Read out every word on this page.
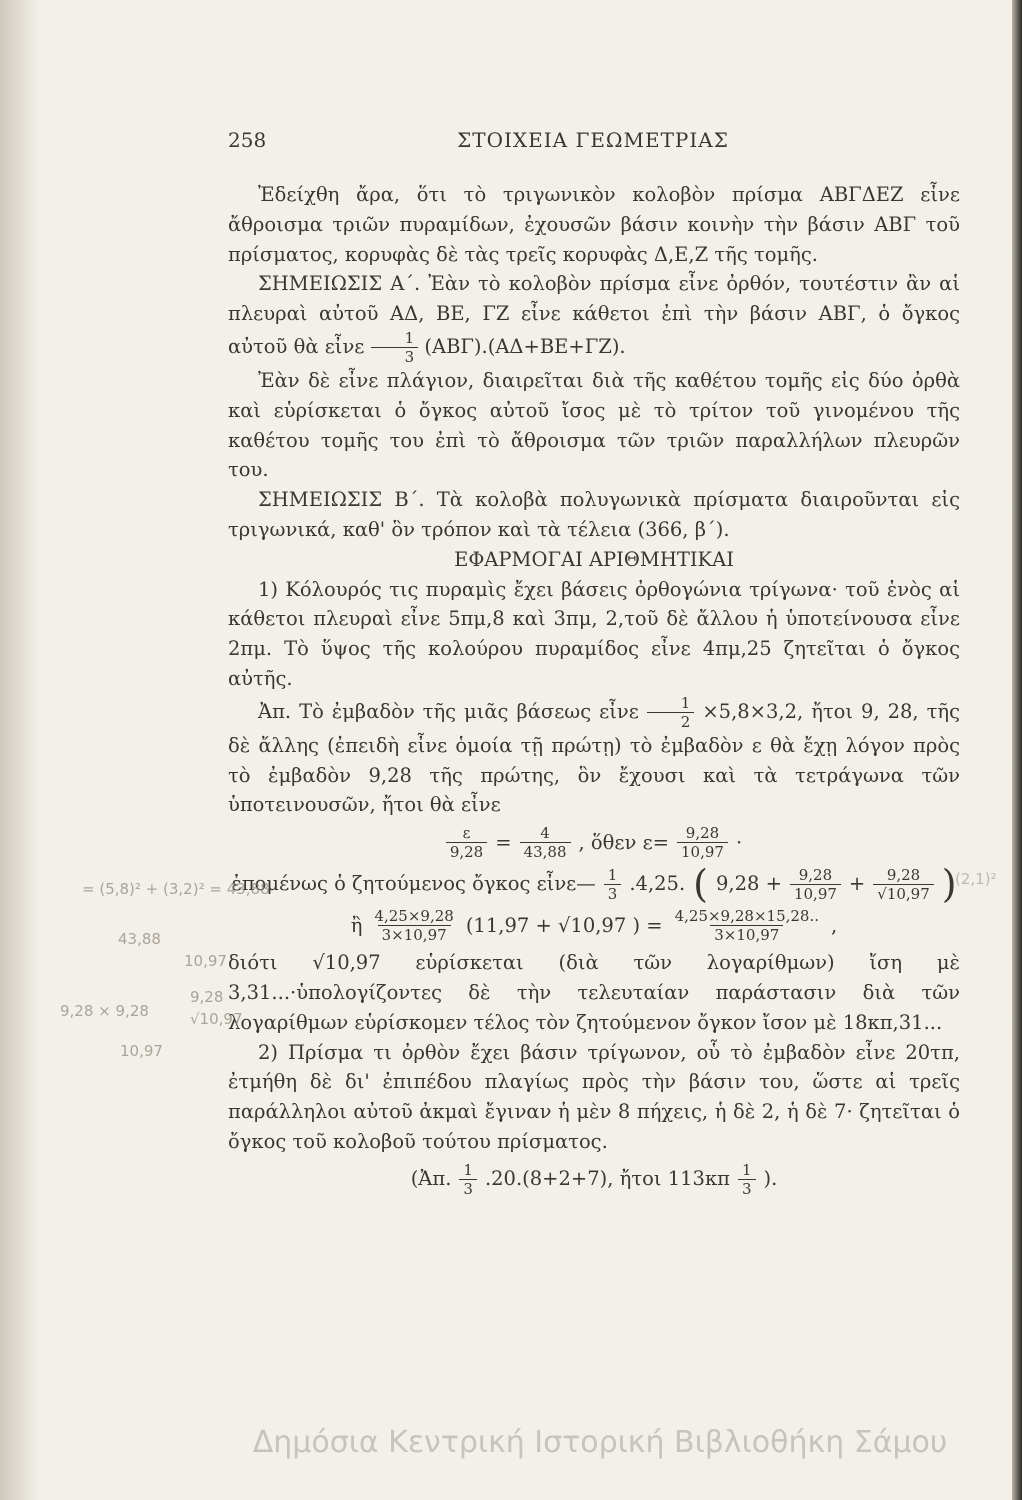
258	ΣΤΟΙΧΕΙΑ ΓΕΩΜΕΤΡΙΑΣ

Ἐδείχθη ἄρα, ὅτι τὸ τριγωνικὸν κολοβὸν πρίσμα ΑΒΓΔΕΖ εἶνε ἄθροισμα τριῶν πυραμίδων, ἐχουσῶν βάσιν κοινὴν τὴν βάσιν ΑΒΓ τοῦ πρίσματος, κορυφὰς δὲ τὰς τρεῖς κορυφὰς Δ,Ε,Ζ τῆς τομῆς.

ΣΗΜΕΙΩΣΙΣ Α΄. Ἐὰν τὸ κολοβὸν πρίσμα εἶνε ὀρθόν, τουτέστιν ἂν αἱ πλευραὶ αὐτοῦ ΑΔ, ΒΕ, ΓΖ εἶνε κάθετοι ἐπὶ τὴν βάσιν ΑΒΓ, ὁ ὄγκος αὐτοῦ θὰ εἶνε $\frac{1}{3} (AB\Gamma).(A\Delta+BE+\Gamma Z)$.

Ἐὰν δὲ εἶνε πλάγιον, διαιρεῖται διὰ τῆς καθέτου τομῆς εἰς δύο ὀρθὰ καὶ εὑρίσκεται ὁ ὄγκος αὐτοῦ ἴσος μὲ τὸ τρίτον τοῦ γινομένου τῆς καθέτου τομῆς του ἐπὶ τὸ ἄθροισμα τῶν τριῶν παραλλήλων πλευρῶν του.

ΣΗΜΕΙΩΣΙΣ Β΄. Τὰ κολοβὰ πολυγωνικὰ πρίσματα διαιροῦνται εἰς τριγωνικά, καθ' ὃν τρόπον καὶ τὰ τέλεια (366, β΄).

ΕΦΑΡΜΟΓΑΙ ΑΡΙΘΜΗΤΙΚΑΙ

1) Κόλουρός τις πυραμὶς ἔχει βάσεις ὀρθογώνια τρίγωνα· τοῦ ἑνὸς αἱ κάθετοι πλευραὶ εἶνε 5πμ,8 καὶ 3πμ, 2,τοῦ δὲ ἄλλου ἡ ὑποτείνουσα εἶνε 2πμ. Τὸ ὕψος τῆς κολούρου πυραμίδος εἶνε 4πμ,25 ζητεῖται ὁ ὄγκος αὐτῆς.

Ἀπ. Τὸ ἐμβαδὸν τῆς μιᾶς βάσεως εἶνε $\frac{1}{2} \times 5,8\times 3,2$, ἤτοι 9, 28, τῆς δὲ ἄλλης (ἐπειδὴ εἶνε ὁμοία τῇ πρώτῃ) τὸ ἐμβαδὸν ε θὰ ἔχῃ λόγον πρὸς τὸ ἐμβαδὸν 9,28 τῆς πρώτης, ὃν ἔχουσι καὶ τὰ τετράγωνα τῶν ὑποτεινουσῶν, ἤτοι θὰ εἶνε

$\frac{\varepsilon}{9,28} = \frac{4}{43,88}$ , ὅθεν $\varepsilon= \frac{9,28}{10,97}$ ·
ἑπομένως ὁ ζητούμενος ὄγκος εἶνε— $\frac{1}{3} .4,25$. ( $9,28 + \frac{9,28}{10,97} + \frac{9,28}{√10,97}$ )
ἢ $\frac{4,25\times 9,28}{3\times 10,97} (11,97 + √10,97$ ) = $\frac{4,25\times 9,28\times 15,28..}{3\times 10,97}$ ,

διότι √10,97 εὑρίσκεται (διὰ τῶν λογαρίθμων) ἴση μὲ 3,31...·ὑπολογίζοντες δὲ τὴν τελευταίαν παράστασιν διὰ τῶν λογαρίθμων εὑρίσκομεν τέλος τὸν ζητούμενον ὄγκον ἴσον μὲ 18κπ,31...

2) Πρίσμα τι ὀρθὸν ἔχει βάσιν τρίγωνον, οὗ τὸ ἐμβαδὸν εἶνε 20τπ, ἐτμήθη δὲ δι' ἐπιπέδου πλαγίως πρὸς τὴν βάσιν του, ὥστε αἱ τρεῖς παράλληλοι αὐτοῦ ἀκμαὶ ἔγιναν ἡ μὲν 8 πήχεις, ἡ δὲ 2, ἡ δὲ 7· ζητεῖται ὁ ὄγκος τοῦ κολοβοῦ τούτου πρίσματος.

(Ἀπ. $\frac{1}{3} .20.(8+2+7)$, ἤτοι $113\kappa\pi \frac{1}{3}$ ).
= (5,8)² + (3,2)² = 43,88
43,88
10,97
9,28
√10,97
9,28 × 9,28
10,97
(2,1)²
Δημόσια Κεντρική Ιστορική Βιβλιοθήκη Σάμου
